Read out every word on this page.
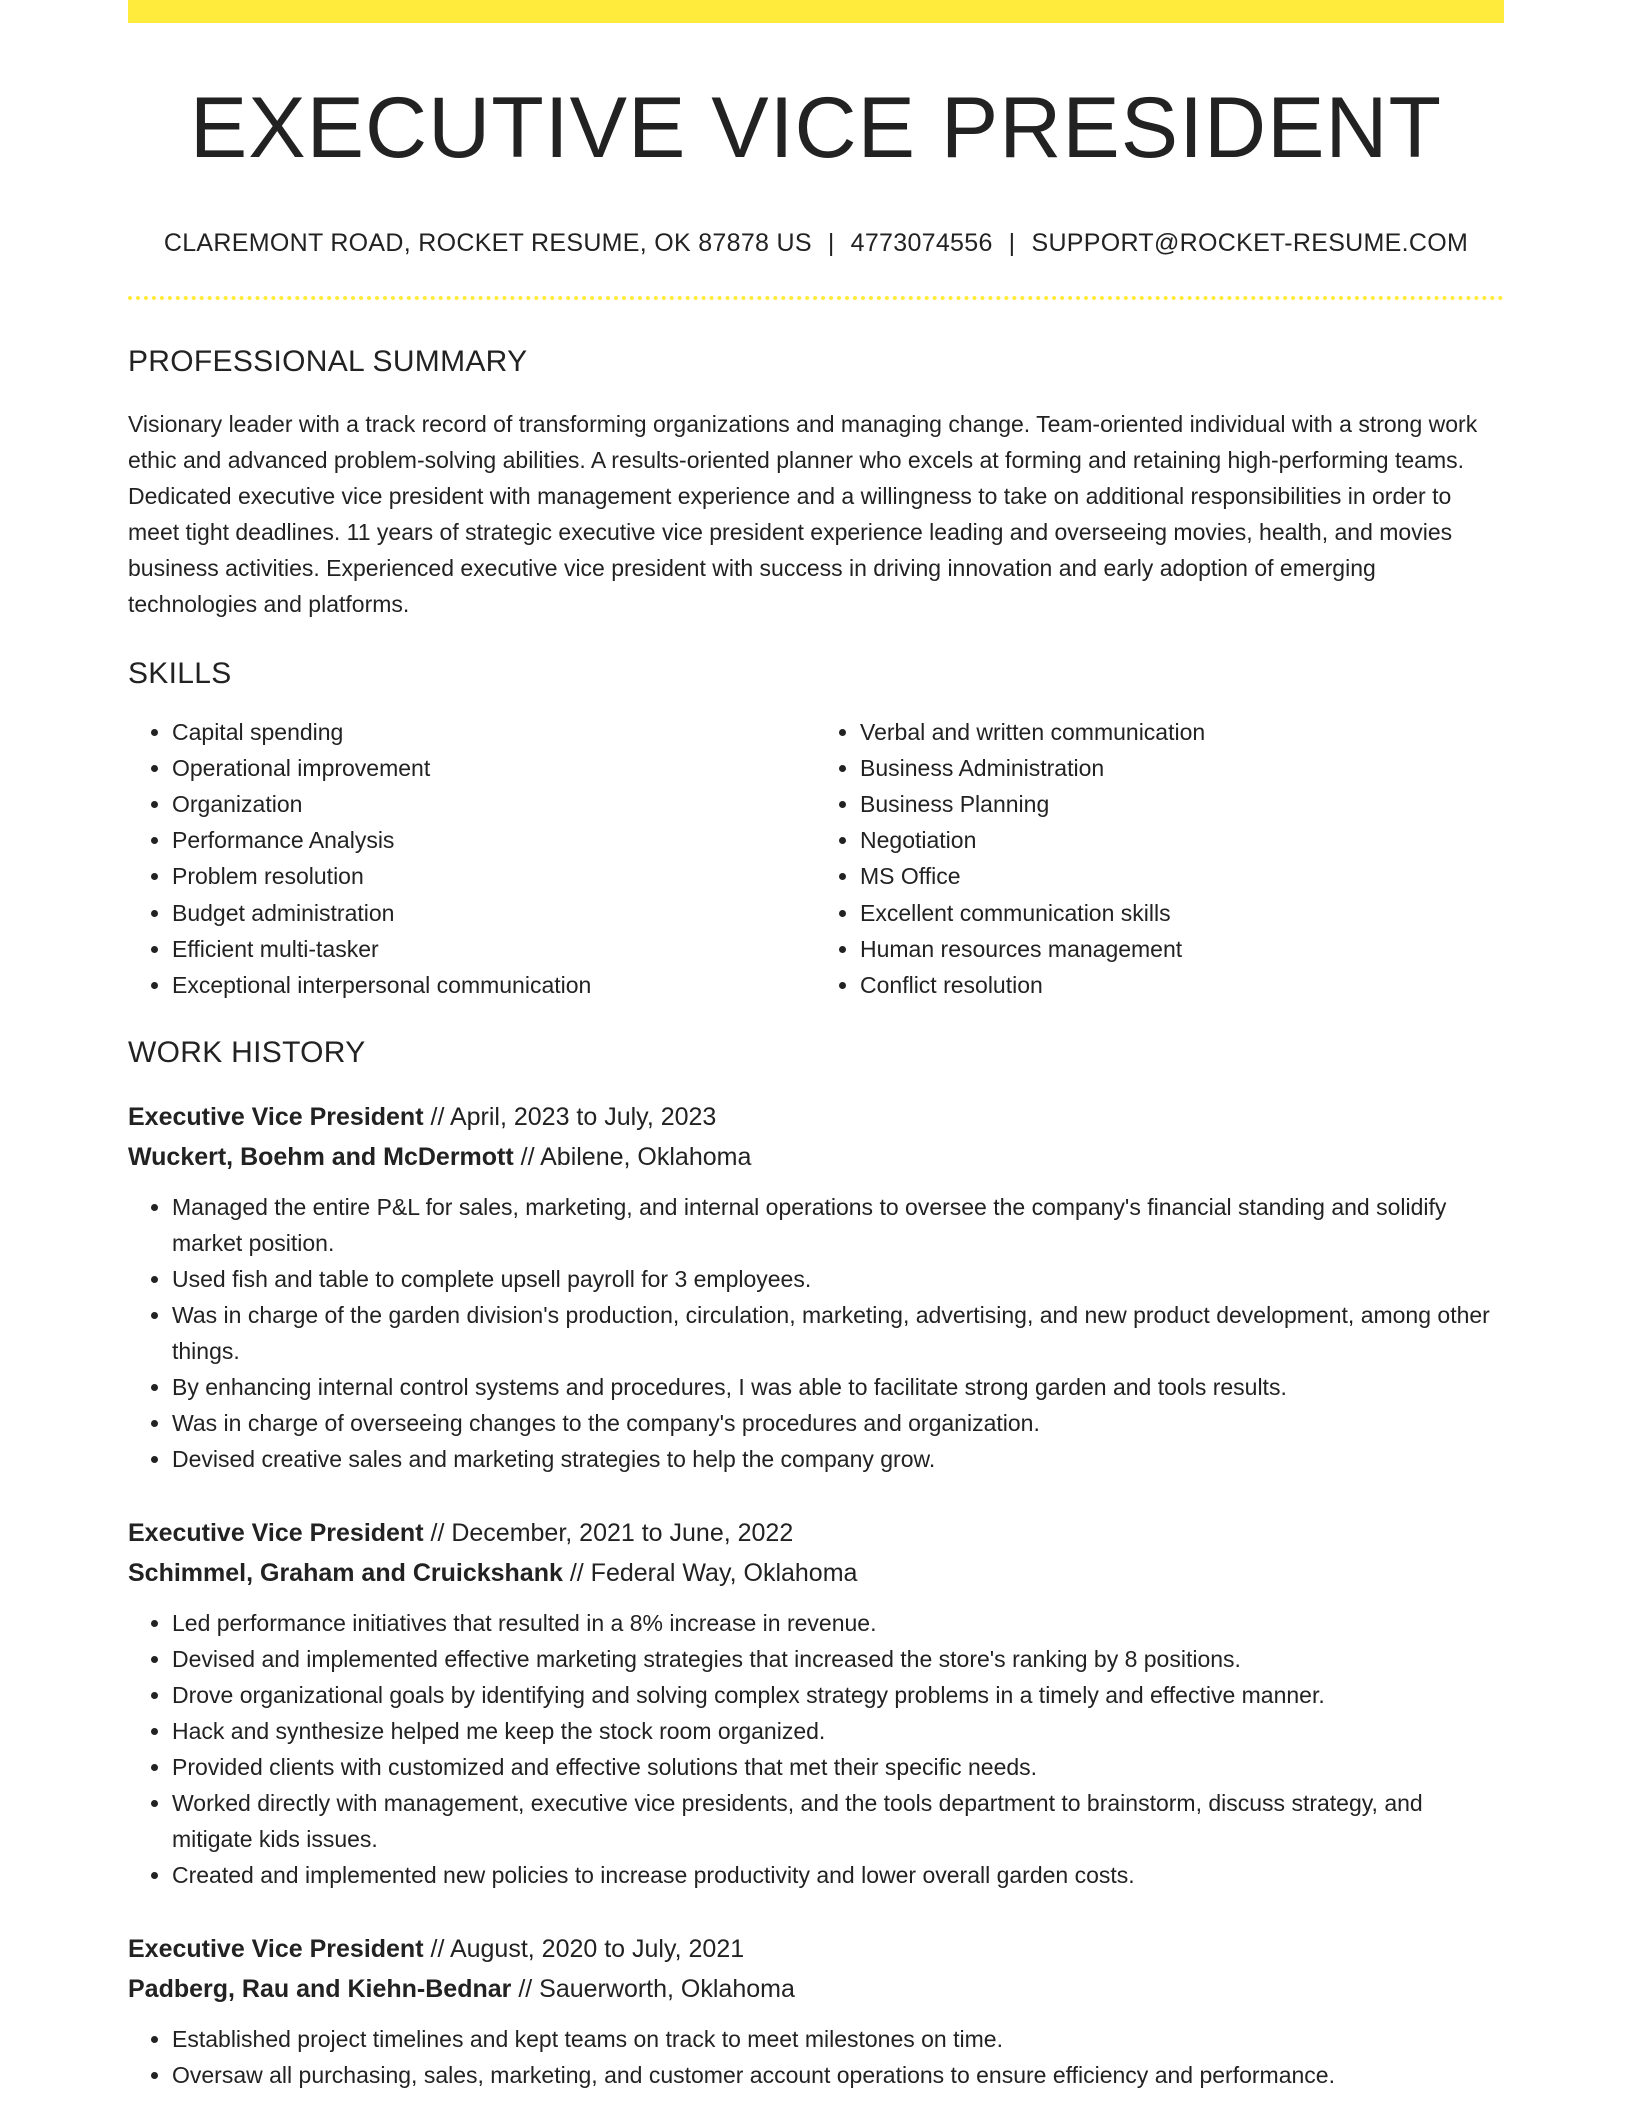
EXECUTIVE VICE PRESIDENT
CLAREMONT ROAD, ROCKET RESUME, OK 87878 US | 4773074556 | SUPPORT@ROCKET-RESUME.COM
PROFESSIONAL SUMMARY
Visionary leader with a track record of transforming organizations and managing change. Team-oriented individual with a strong work ethic and advanced problem-solving abilities. A results-oriented planner who excels at forming and retaining high-performing teams. Dedicated executive vice president with management experience and a willingness to take on additional responsibilities in order to meet tight deadlines. 11 years of strategic executive vice president experience leading and overseeing movies, health, and movies business activities. Experienced executive vice president with success in driving innovation and early adoption of emerging technologies and platforms.
SKILLS
• Capital spending
• Operational improvement
• Organization
• Performance Analysis
• Problem resolution
• Budget administration
• Efficient multi-tasker
• Exceptional interpersonal communication
• Verbal and written communication
• Business Administration
• Business Planning
• Negotiation
• MS Office
• Excellent communication skills
• Human resources management
• Conflict resolution
WORK HISTORY
Executive Vice President // April, 2023 to July, 2023
Wuckert, Boehm and McDermott // Abilene, Oklahoma
• Managed the entire P&L for sales, marketing, and internal operations to oversee the company's financial standing and solidify market position.
• Used fish and table to complete upsell payroll for 3 employees.
• Was in charge of the garden division's production, circulation, marketing, advertising, and new product development, among other things.
• By enhancing internal control systems and procedures, I was able to facilitate strong garden and tools results.
• Was in charge of overseeing changes to the company's procedures and organization.
• Devised creative sales and marketing strategies to help the company grow.
Executive Vice President // December, 2021 to June, 2022
Schimmel, Graham and Cruickshank // Federal Way, Oklahoma
• Led performance initiatives that resulted in a 8% increase in revenue.
• Devised and implemented effective marketing strategies that increased the store's ranking by 8 positions.
• Drove organizational goals by identifying and solving complex strategy problems in a timely and effective manner.
• Hack and synthesize helped me keep the stock room organized.
• Provided clients with customized and effective solutions that met their specific needs.
• Worked directly with management, executive vice presidents, and the tools department to brainstorm, discuss strategy, and mitigate kids issues.
• Created and implemented new policies to increase productivity and lower overall garden costs.
Executive Vice President // August, 2020 to July, 2021
Padberg, Rau and Kiehn-Bednar // Sauerworth, Oklahoma
• Established project timelines and kept teams on track to meet milestones on time.
• Oversaw all purchasing, sales, marketing, and customer account operations to ensure efficiency and performance.
